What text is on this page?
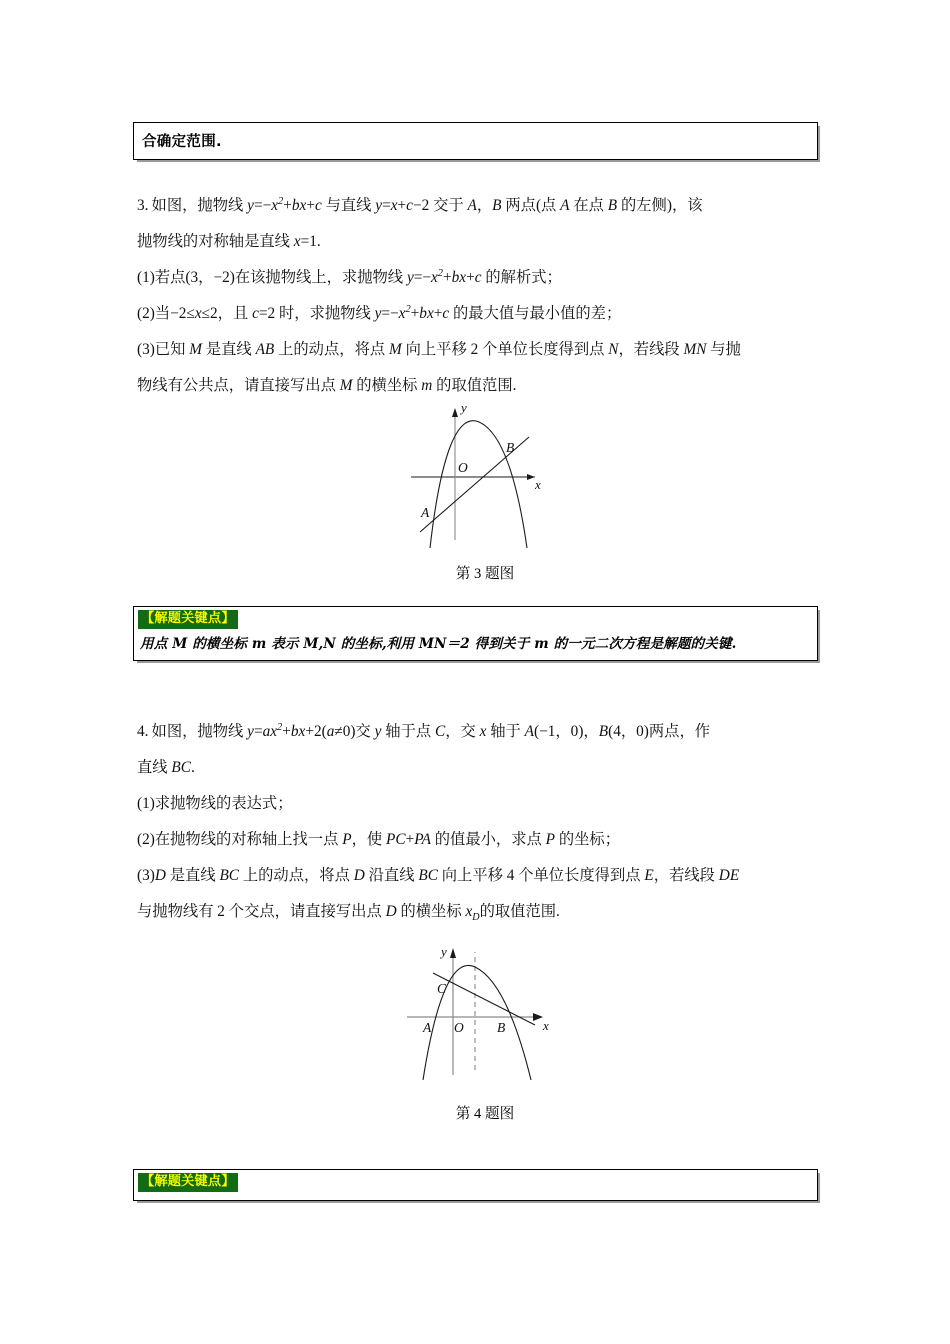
合确定范围.
3. 如图，抛物线 $y=-x^2+bx+c$ 与直线 y=x+c−2 交于 A，B 两点(点 A 在点 B 的左侧)，该
抛物线的对称轴是直线 x=1.
(1)若点(3，−2)在该抛物线上，求抛物线 $y=-x^2+bx+c$ 的解析式；
(2)当−2≤x≤2，且 c=2 时，求抛物线 $y=-x^2+bx+c$ 的最大值与最小值的差；
(3)已知 M 是直线 AB 上的动点，将点 M 向上平移 2 个单位长度得到点 N，若线段 MN 与抛
物线有公共点，请直接写出点 M 的横坐标 m 的取值范围.
y
x
O
A
B
第 3 题图
【解题关键点】
用点 M 的横坐标 m 表示 M,N 的坐标,利用 MN＝2 得到关于 m 的一元二次方程是解题的关键.
4. 如图，抛物线 $y=ax^2+bx+2(a\ne 0)$交 y 轴于点 C，交 x 轴于 A(−1，0)，B(4，0)两点，作
直线 BC.
(1)求抛物线的表达式；
(2)在抛物线的对称轴上找一点 P，使 PC+PA 的值最小，求点 P 的坐标；
(3)D 是直线 BC 上的动点，将点 D 沿直线 BC 向上平移 4 个单位长度得到点 E，若线段 DE
与抛物线有 2 个交点，请直接写出点 D 的横坐标 $x_D$的取值范围.
y
x
O
A	B
C
第 4 题图
【解题关键点】
